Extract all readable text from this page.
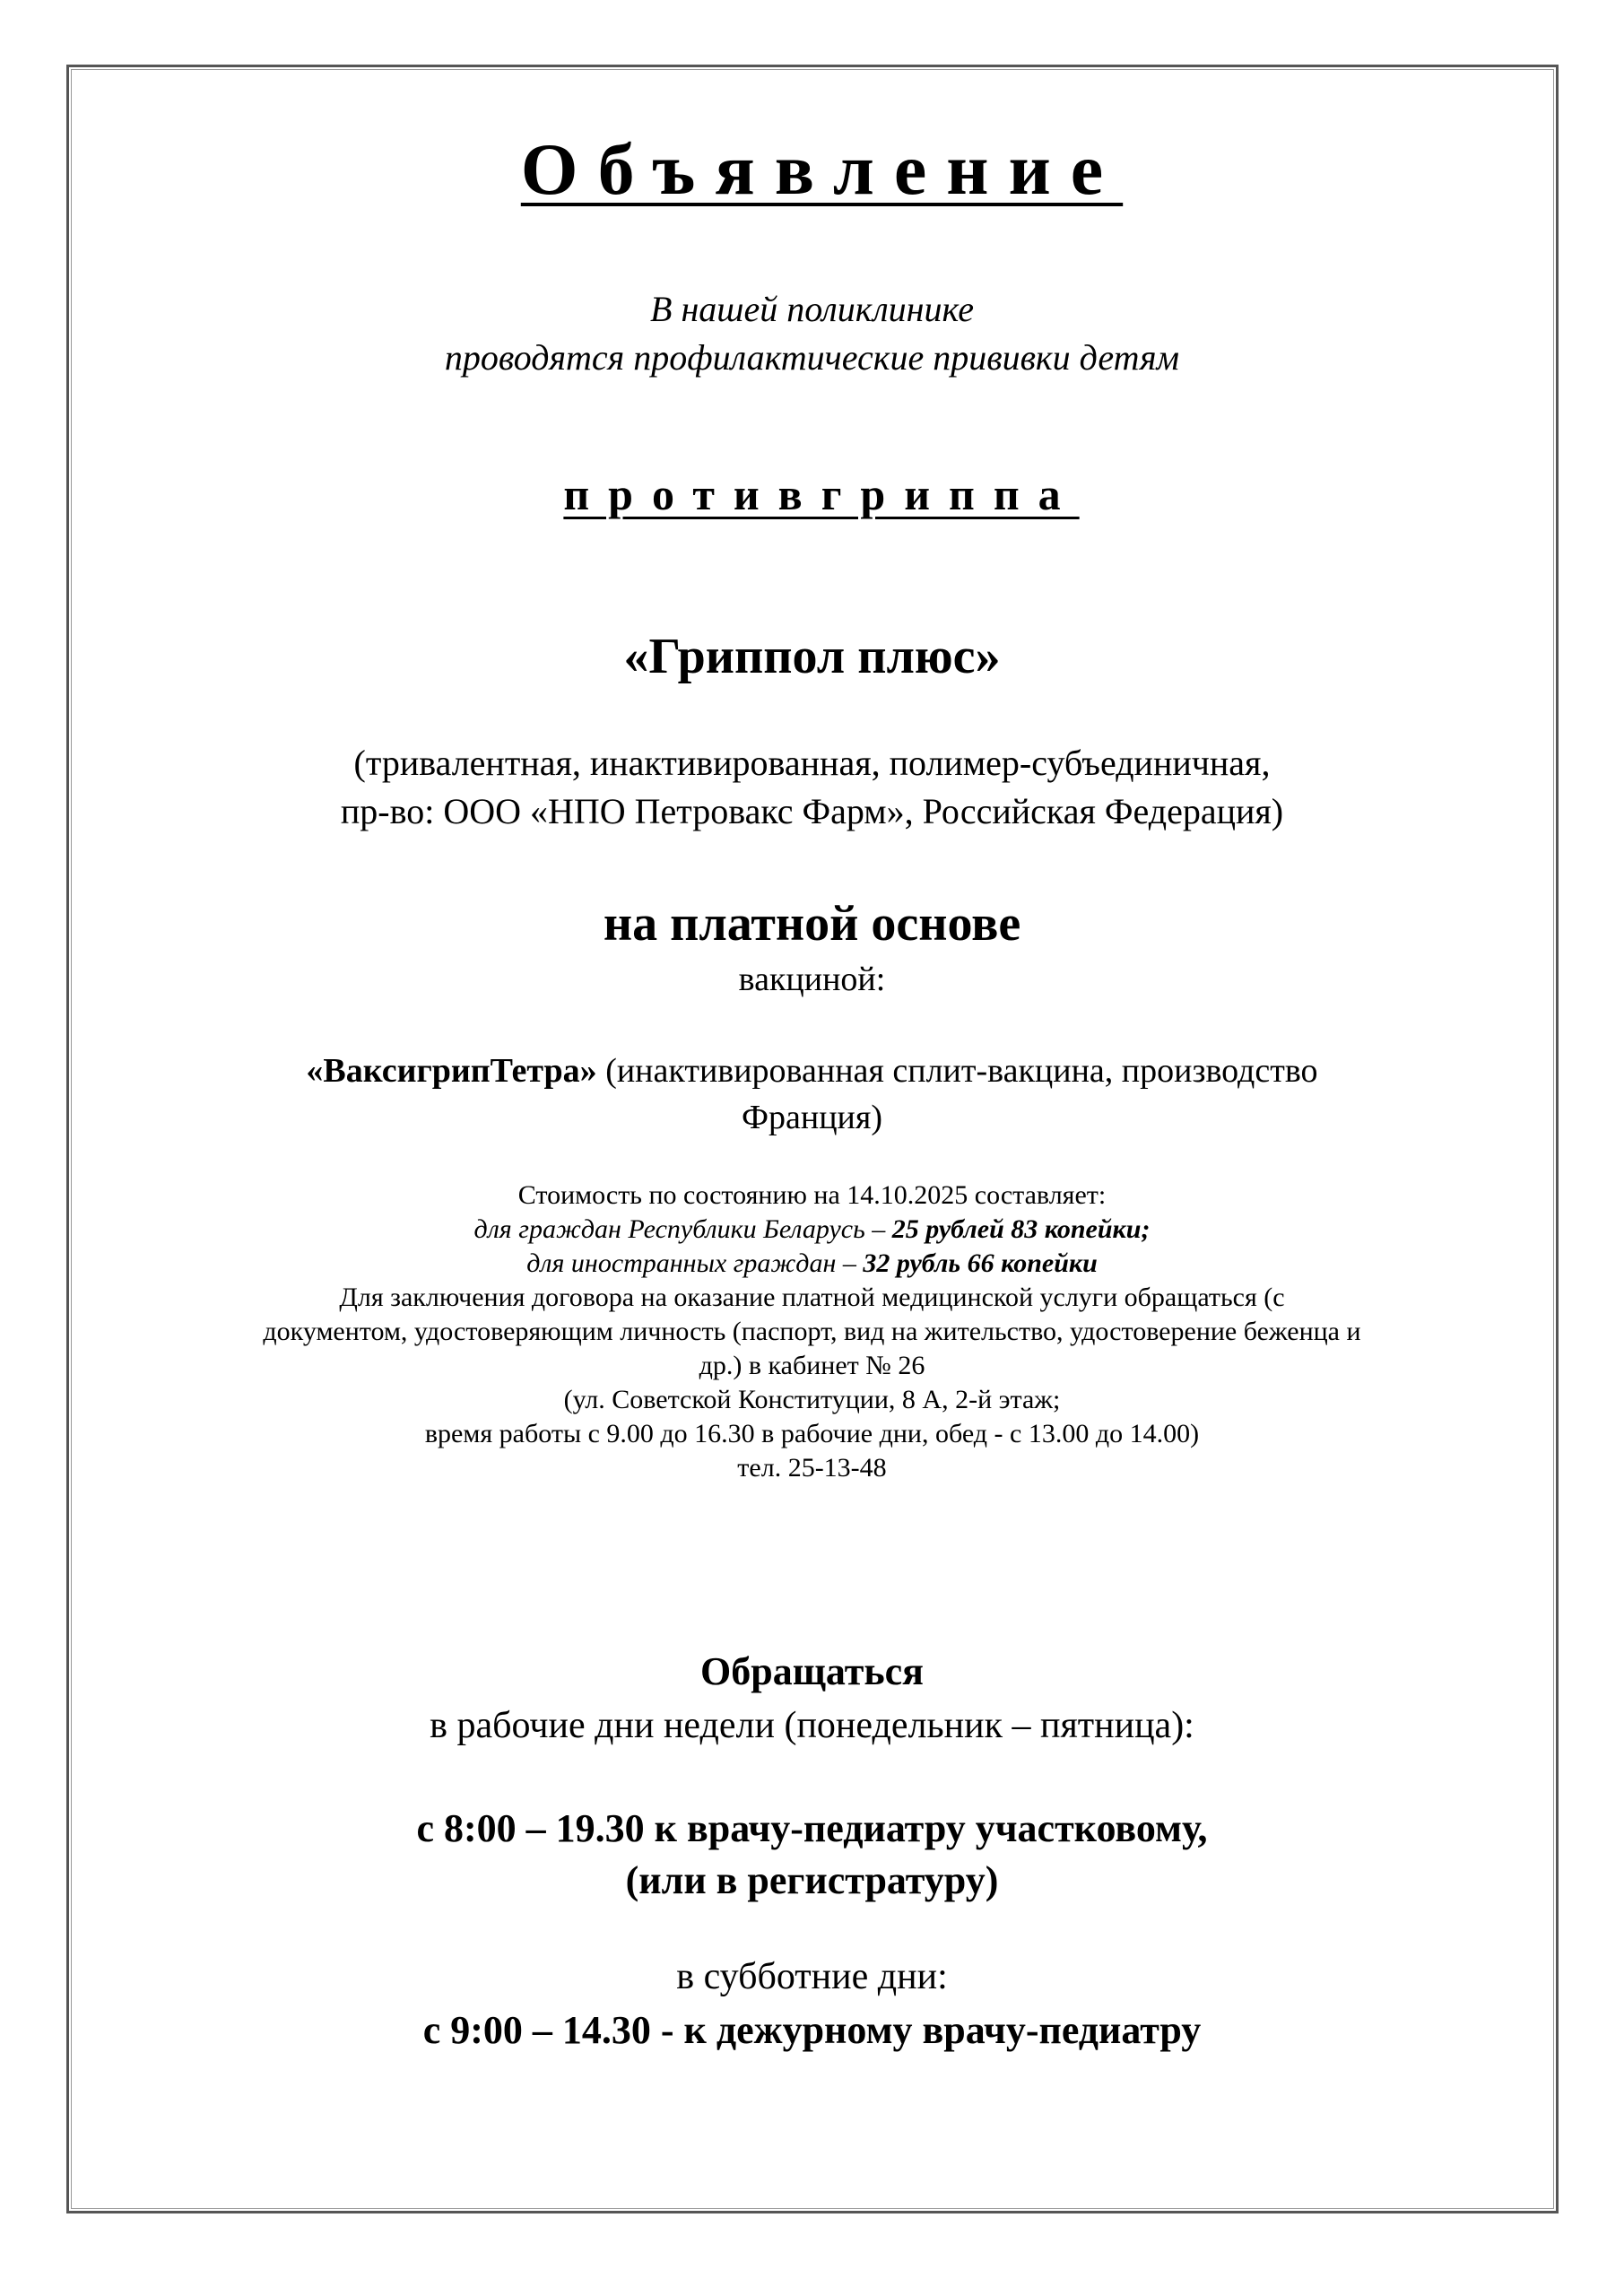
Объявление
В нашей поликлинике
проводятся профилактические прививки детям
противгриппа
«Гриппол плюс»
(тривалентная, инактивированная, полимер-субъединичная,
пр-во: ООО «НПО Петровакс Фарм», Российская Федерация)
на платной основе
вакциной:
«ВаксигрипТетра» (инактивированная сплит-вакцина, производство
Франция)
Стоимость по состоянию на 14.10.2025 составляет:
для граждан Республики Беларусь – 25 рублей 83 копейки;
для иностранных граждан – 32 рубль 66 копейки
Для заключения договора на оказание платной медицинской услуги обращаться (с
документом, удостоверяющим личность (паспорт, вид на жительство, удостоверение беженца и
др.) в кабинет № 26
(ул. Советской Конституции, 8 А, 2-й этаж;
время работы с 9.00 до 16.30 в рабочие дни, обед - с 13.00 до 14.00)
тел. 25-13-48
Обращаться
в рабочие дни недели (понедельник – пятница):
с 8:00 – 19.30 к врачу-педиатру участковому,
(или в регистратуру)
в субботние дни:
с 9:00 – 14.30 - к дежурному врачу-педиатру
